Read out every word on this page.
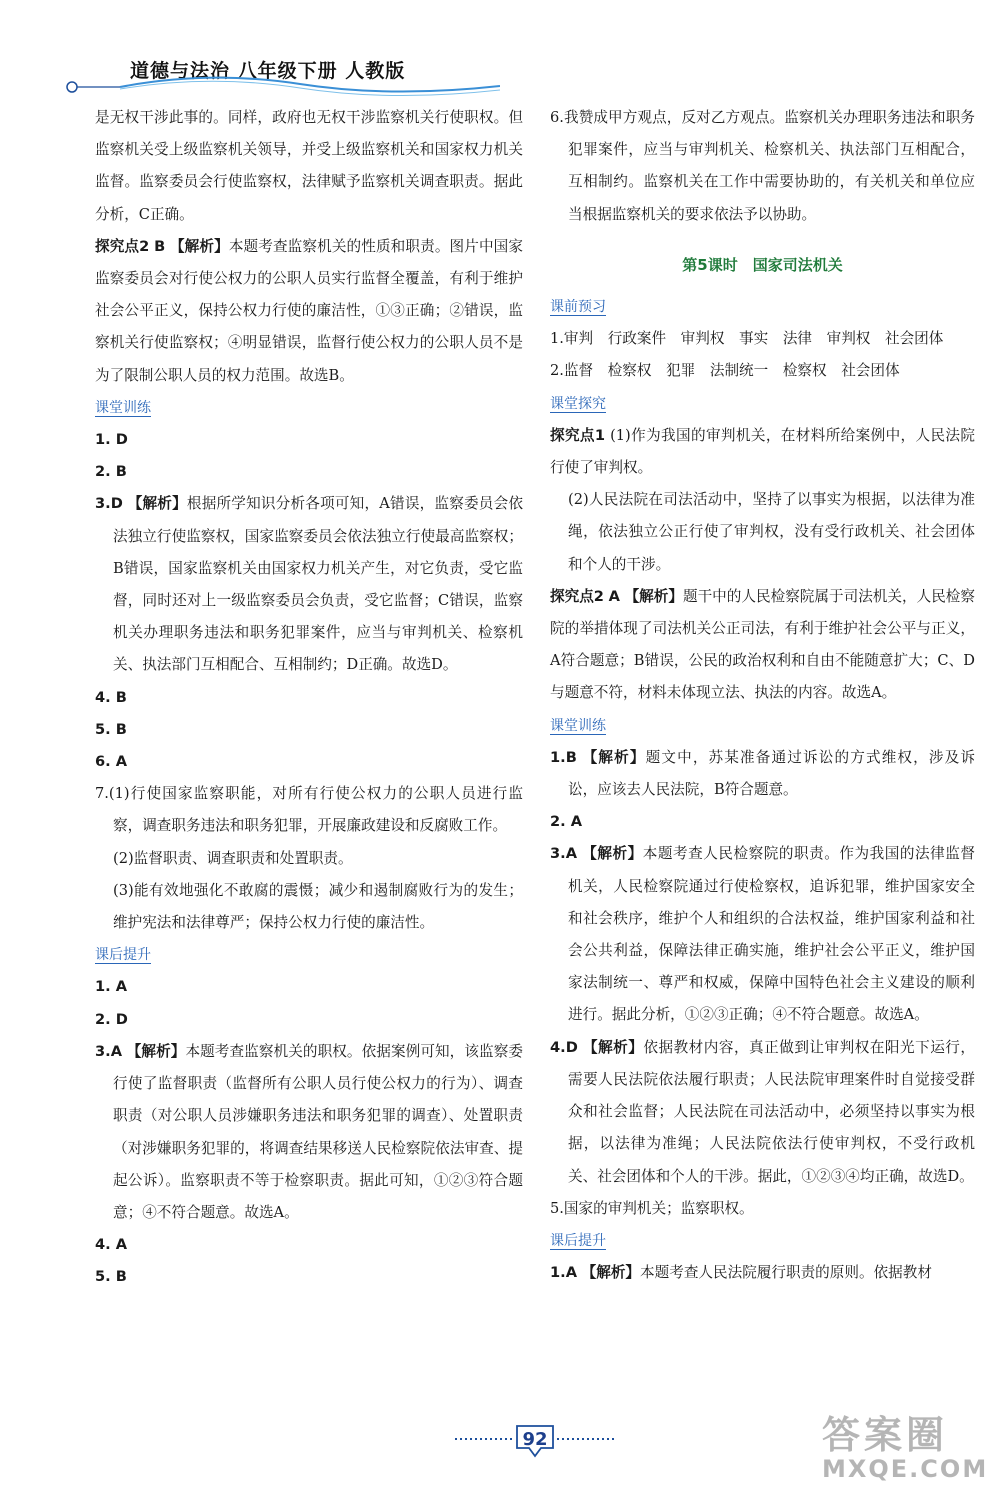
道德与法治 八年级下册 人教版

是无权干涉此事的。同样，政府也无权干涉监察机关行使职权。但监察机关受上级监察机关领导，并受上级监察机关和国家权力机关监督。监察委员会行使监察权，法律赋予监察机关调查职责。据此分析，C正确。

探究点2 B 【解析】本题考查监察机关的性质和职责。图片中国家监察委员会对行使公权力的公职人员实行监督全覆盖，有利于维护社会公平正义，保持公权力行使的廉洁性，①③正确；②错误，监察机关行使监察权；④明显错误，监督行使公权力的公职人员不是为了限制公职人员的权力范围。故选B。

课堂训练

1. D

2. B

3.D 【解析】根据所学知识分析各项可知，A错误，监察委员会依法独立行使监察权，国家监察委员会依法独立行使最高监察权；B错误，国家监察机关由国家权力机关产生，对它负责，受它监督，同时还对上一级监察委员会负责，受它监督；C错误，监察机关办理职务违法和职务犯罪案件，应当与审判机关、检察机关、执法部门互相配合、互相制约；D正确。故选D。

4. B

5. B

6. A

7.(1)行使国家监察职能，对所有行使公权力的公职人员进行监察，调查职务违法和职务犯罪，开展廉政建设和反腐败工作。

(2)监督职责、调查职责和处置职责。

(3)能有效地强化不敢腐的震慑；减少和遏制腐败行为的发生；维护宪法和法律尊严；保持公权力行使的廉洁性。

课后提升

1. A

2. D

3.A 【解析】本题考查监察机关的职权。依据案例可知，该监察委行使了监督职责（监督所有公职人员行使公权力的行为）、调查职责（对公职人员涉嫌职务违法和职务犯罪的调查）、处置职责（对涉嫌职务犯罪的，将调查结果移送人民检察院依法审查、提起公诉）。监察职责不等于检察职责。据此可知，①②③符合题意；④不符合题意。故选A。

4. A

5. B

6.我赞成甲方观点，反对乙方观点。监察机关办理职务违法和职务犯罪案件，应当与审判机关、检察机关、执法部门互相配合，互相制约。监察机关在工作中需要协助的，有关机关和单位应当根据监察机关的要求依法予以协助。

第5课时　国家司法机关

课前预习

1.审判　行政案件　审判权　事实　法律　审判权　社会团体

2.监督　检察权　犯罪　法制统一　检察权　社会团体

课堂探究

探究点1 (1)作为我国的审判机关，在材料所给案例中，人民法院行使了审判权。

(2)人民法院在司法活动中，坚持了以事实为根据，以法律为准绳，依法独立公正行使了审判权，没有受行政机关、社会团体和个人的干涉。

探究点2 A 【解析】题干中的人民检察院属于司法机关，人民检察院的举措体现了司法机关公正司法，有利于维护社会公平与正义，A符合题意；B错误，公民的政治权利和自由不能随意扩大；C、D与题意不符，材料未体现立法、执法的内容。故选A。

课堂训练

1.B 【解析】题文中，苏某准备通过诉讼的方式维权，涉及诉讼，应该去人民法院，B符合题意。

2. A

3.A 【解析】本题考查人民检察院的职责。作为我国的法律监督机关，人民检察院通过行使检察权，追诉犯罪，维护国家安全和社会秩序，维护个人和组织的合法权益，维护国家利益和社会公共利益，保障法律正确实施，维护社会公平正义，维护国家法制统一、尊严和权威，保障中国特色社会主义建设的顺利进行。据此分析，①②③正确；④不符合题意。故选A。

4.D 【解析】依据教材内容，真正做到让审判权在阳光下运行，需要人民法院依法履行职责；人民法院审理案件时自觉接受群众和社会监督；人民法院在司法活动中，必须坚持以事实为根据，以法律为准绳；人民法院依法行使审判权，不受行政机关、社会团体和个人的干涉。据此，①②③④均正确，故选D。

5.国家的审判机关；监察职权。

课后提升

1.A 【解析】本题考查人民法院履行职责的原则。依据教材

92	答案圈
MXQE.COM
